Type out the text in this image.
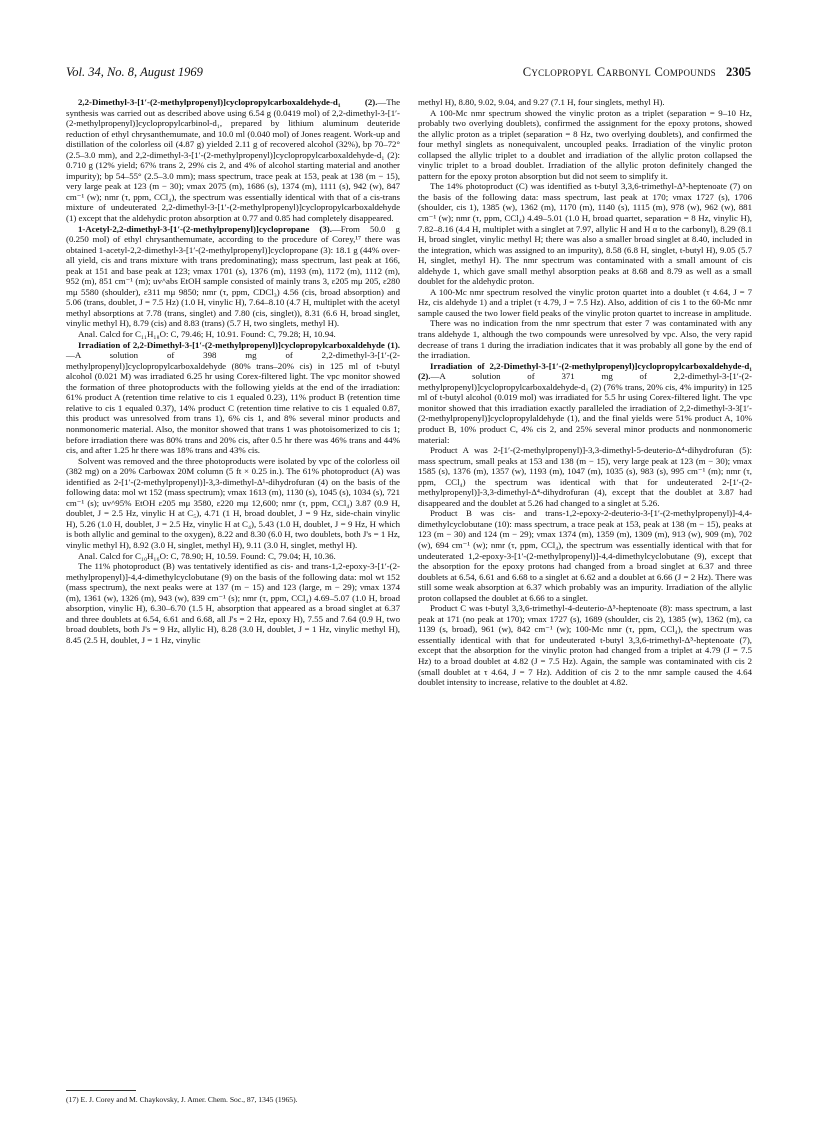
Vol. 34, No. 8, August 1969	Cyclopropyl Carbonyl Compounds 2305

2,2-Dimethyl-3-[1′-(2-methylpropenyl)]cyclopropylcarboxaldehyde-d₁ (2).—The synthesis was carried out as described above using 6.54 g (0.0419 mol) of 2,2-dimethyl-3-[1′-(2-methylpropenyl)]cyclopropylcarbinol-d₁, prepared by lithium aluminum deuteride reduction of ethyl chrysanthemumate, and 10.0 ml (0.040 mol) of Jones reagent. Work-up and distillation of the colorless oil (4.87 g) yielded 2.11 g of recovered alcohol (32%), bp 70–72° (2.5–3.0 mm), and 2,2-dimethyl-3-[1′-(2-methylpropenyl)]cyclopropylcarboxaldehyde-d₁ (2): 0.710 g (12% yield; 67% trans 2, 29% cis 2, and 4% of alcohol starting material and another impurity); bp 54–55° (2.5–3.0 mm); mass spectrum, trace peak at 153, peak at 138 (m − 15), very large peak at 123 (m − 30); νmax 2075 (m), 1686 (s), 1374 (m), 1111 (s), 942 (w), 847 cm⁻¹ (w); nmr (τ, ppm, CCl₄), the spectrum was essentially identical with that of a cis-trans mixture of undeuterated 2,2-dimethyl-3-[1′-(2-methylpropenyl)]cyclopropylcarboxaldehyde (1) except that the aldehydic proton absorption at 0.77 and 0.85 had completely disappeared.

1-Acetyl-2,2-dimethyl-3-[1′-(2-methylpropenyl)]cyclopropane (3).—From 50.0 g (0.250 mol) of ethyl chrysanthemumate, according to the procedure of Corey,¹⁷ there was obtained 1-acetyl-2,2-dimethyl-3-[1′-(2-methylpropenyl)]cyclopropane (3): 18.1 g (44% over-all yield, cis and trans mixture with trans predominating); mass spectrum, last peak at 166, peak at 151 and base peak at 123; νmax 1701 (s), 1376 (m), 1193 (m), 1172 (m), 1112 (m), 952 (m), 851 cm⁻¹ (m); uv^abs EtOH sample consisted of mainly trans 3, ε205 mμ 205, ε280 mμ 5580 (shoulder), ε311 mμ 9850; nmr (τ, ppm, CDCl₃) 4.56 (cis, broad absorption) and 5.06 (trans, doublet, J = 7.5 Hz) (1.0 H, vinylic H), 7.64–8.10 (4.7 H, multiplet with the acetyl methyl absorptions at 7.78 (trans, singlet) and 7.80 (cis, singlet)), 8.31 (6.6 H, broad singlet, vinylic methyl H), 8.79 (cis) and 8.83 (trans) (5.7 H, two singlets, methyl H).

Anal. Calcd for C₁₁H₁₈O: C, 79.46; H, 10.91. Found: C, 79.28; H, 10.94.

Irradiation of 2,2-Dimethyl-3-[1′-(2-methylpropenyl)]cyclopropylcarboxaldehyde (1).—A solution of 398 mg of 2,2-dimethyl-3-[1′-(2-methylpropenyl)]cyclopropylcarboxaldehyde (80% trans–20% cis) in 125 ml of t-butyl alcohol (0.021 M) was irradiated 6.25 hr using Corex-filtered light. The vpc monitor showed the formation of three photoproducts with the following yields at the end of the irradiation: 61% product A (retention time relative to cis 1 equaled 0.23), 11% product B (retention time relative to cis 1 equaled 0.37), 14% product C (retention time relative to cis 1 equaled 0.87, this product was unresolved from trans 1), 6% cis 1, and 8% several minor products and nonmonomeric material. Also, the monitor showed that trans 1 was photoisomerized to cis 1; before irradiation there was 80% trans and 20% cis, after 0.5 hr there was 46% trans and 44% cis, and after 1.25 hr there was 18% trans and 43% cis.

Solvent was removed and the three photoproducts were isolated by vpc of the colorless oil (382 mg) on a 20% Carbowax 20M column (5 ft × 0.25 in.). The 61% photoproduct (A) was identified as 2-[1′-(2-methylpropenyl)]-3,3-dimethyl-Δ¹-dihydrofuran (4) on the basis of the following data: mol wt 152 (mass spectrum); νmax 1613 (m), 1130 (s), 1045 (s), 1034 (s), 721 cm⁻¹ (s); uv^95% EtOH ε205 mμ 3580, ε220 mμ 12,600; nmr (τ, ppm, CCl₄) 3.87 (0.9 H, doublet, J = 2.5 Hz, vinylic H at C₅), 4.71 (1 H, broad doublet, J = 9 Hz, side-chain vinylic H), 5.26 (1.0 H, doublet, J = 2.5 Hz, vinylic H at C₄), 5.43 (1.0 H, doublet, J = 9 Hz, H which is both allylic and geminal to the oxygen), 8.22 and 8.30 (6.0 H, two doublets, both J's = 1 Hz, vinylic methyl H), 8.92 (3.0 H, singlet, methyl H), 9.11 (3.0 H, singlet, methyl H).

Anal. Calcd for C₁₀H₁₆O: C, 78.90; H, 10.59. Found: C, 79.04; H, 10.36.

The 11% photoproduct (B) was tentatively identified as cis- and trans-1,2-epoxy-3-[1′-(2-methylpropenyl)]-4,4-dimethylcyclobutane (9) on the basis of the following data: mol wt 152 (mass spectrum), the next peaks were at 137 (m − 15) and 123 (large, m − 29); νmax 1374 (m), 1361 (w), 1326 (m), 943 (w), 839 cm⁻¹ (s); nmr (τ, ppm, CCl₄) 4.69–5.07 (1.0 H, broad absorption, vinylic H), 6.30–6.70 (1.5 H, absorption that appeared as a broad singlet at 6.37 and three doublets at 6.54, 6.61 and 6.68, all J's = 2 Hz, epoxy H), 7.55 and 7.64 (0.9 H, two broad doublets, both J's = 9 Hz, allylic H), 8.28 (3.0 H, doublet, J = 1 Hz, vinylic methyl H), 8.45 (2.5 H, doublet, J = 1 Hz, vinylic

(17) E. J. Corey and M. Chaykovsky, J. Amer. Chem. Soc., 87, 1345 (1965).

methyl H), 8.80, 9.02, 9.04, and 9.27 (7.1 H, four singlets, methyl H).

A 100-Mc nmr spectrum showed the vinylic proton as a triplet (separation = 9–10 Hz, probably two overlying doublets), confirmed the assignment for the epoxy protons, showed the allylic proton as a triplet (separation = 8 Hz, two overlying doublets), and confirmed the four methyl singlets as nonequivalent, uncoupled peaks. Irradiation of the vinylic proton collapsed the allylic triplet to a doublet and irradiation of the allylic proton collapsed the vinylic triplet to a broad doublet. Irradiation of the allylic proton definitely changed the pattern for the epoxy proton absorption but did not seem to simplify it.

The 14% photoproduct (C) was identified as t-butyl 3,3,6-trimethyl-Δ⁵-heptenoate (7) on the basis of the following data: mass spectrum, last peak at 170; νmax 1727 (s), 1706 (shoulder, cis 1), 1385 (w), 1362 (m), 1170 (m), 1140 (s), 1115 (m), 978 (w), 962 (w), 881 cm⁻¹ (w); nmr (τ, ppm, CCl₄) 4.49–5.01 (1.0 H, broad quartet, separation = 8 Hz, vinylic H), 7.82–8.16 (4.4 H, multiplet with a singlet at 7.97, allylic H and H α to the carbonyl), 8.29 (8.1 H, broad singlet, vinylic methyl H; there was also a smaller broad singlet at 8.40, included in the integration, which was assigned to an impurity), 8.58 (6.8 H, singlet, t-butyl H), 9.05 (5.7 H, singlet, methyl H). The nmr spectrum was contaminated with a small amount of cis aldehyde 1, which gave small methyl absorption peaks at 8.68 and 8.79 as well as a small doublet for the aldehydic proton.

A 100-Mc nmr spectrum resolved the vinylic proton quartet into a doublet (τ 4.64, J = 7 Hz, cis aldehyde 1) and a triplet (τ 4.79, J = 7.5 Hz). Also, addition of cis 1 to the 60-Mc nmr sample caused the two lower field peaks of the vinylic proton quartet to increase in amplitude.

There was no indication from the nmr spectrum that ester 7 was contaminated with any trans aldehyde 1, although the two compounds were unresolved by vpc. Also, the very rapid decrease of trans 1 during the irradiation indicates that it was probably all gone by the end of the irradiation.

Irradiation of 2,2-Dimethyl-3-[1′-(2-methylpropenyl)]cyclopropylcarboxaldehyde-d₁ (2).—A solution of 371 mg of 2,2-dimethyl-3-[1′-(2-methylpropenyl)]cyclopropylcarboxaldehyde-d₁ (2) (76% trans, 20% cis, 4% impurity) in 125 ml of t-butyl alcohol (0.019 mol) was irradiated for 5.5 hr using Corex-filtered light. The vpc monitor showed that this irradiation exactly paralleled the irradiation of 2,2-dimethyl-3-3[1′-(2-methylpropenyl)]cyclopropylaldehyde (1), and the final yields were 51% product A, 10% product B, 10% product C, 4% cis 2, and 25% several minor products and nonmonomeric material:

Product A was 2-[1′-(2-methylpropenyl)]-3,3-dimethyl-5-deuterio-Δ⁴-dihydrofuran (5): mass spectrum, small peaks at 153 and 138 (m − 15), very large peak at 123 (m − 30); νmax 1585 (s), 1376 (m), 1357 (w), 1193 (m), 1047 (m), 1035 (s), 983 (s), 995 cm⁻¹ (m); nmr (τ, ppm, CCl₄) the spectrum was identical with that for undeuterated 2-[1′-(2-methylpropenyl)]-3,3-dimethyl-Δ⁴-dihydrofuran (4), except that the doublet at 3.87 had disappeared and the doublet at 5.26 had changed to a singlet at 5.26.

Product B was cis- and trans-1,2-epoxy-2-deuterio-3-[1′-(2-methylpropenyl)]-4,4-dimethylcyclobutane (10): mass spectrum, a trace peak at 153, peak at 138 (m − 15), peaks at 123 (m − 30) and 124 (m − 29); νmax 1374 (m), 1359 (m), 1309 (m), 913 (w), 909 (m), 702 (w), 694 cm⁻¹ (w); nmr (τ, ppm, CCl₄), the spectrum was essentially identical with that for undeuterated 1,2-epoxy-3-[1′-(2-methylpropenyl)]-4,4-dimethylcyclobutane (9), except that the absorption for the epoxy protons had changed from a broad singlet at 6.37 and three doublets at 6.54, 6.61 and 6.68 to a singlet at 6.62 and a doublet at 6.66 (J = 2 Hz). There was still some weak absorption at 6.37 which probably was an impurity. Irradiation of the allylic proton collapsed the doublet at 6.66 to a singlet.

Product C was t-butyl 3,3,6-trimethyl-4-deuterio-Δ⁵-heptenoate (8): mass spectrum, a last peak at 171 (no peak at 170); νmax 1727 (s), 1689 (shoulder, cis 2), 1385 (w), 1362 (m), ca 1139 (s, broad), 961 (w), 842 cm⁻¹ (w); 100-Mc nmr (τ, ppm, CCl₄), the spectrum was essentially identical with that for undeuterated t-butyl 3,3,6-trimethyl-Δ⁵-heptenoate (7), except that the absorption for the vinylic proton had changed from a triplet at 4.79 (J = 7.5 Hz) to a broad doublet at 4.82 (J = 7.5 Hz). Again, the sample was contaminated with cis 2 (small doublet at τ 4.64, J = 7 Hz). Addition of cis 2 to the nmr sample caused the 4.64 doublet intensity to increase, relative to the doublet at 4.82.
